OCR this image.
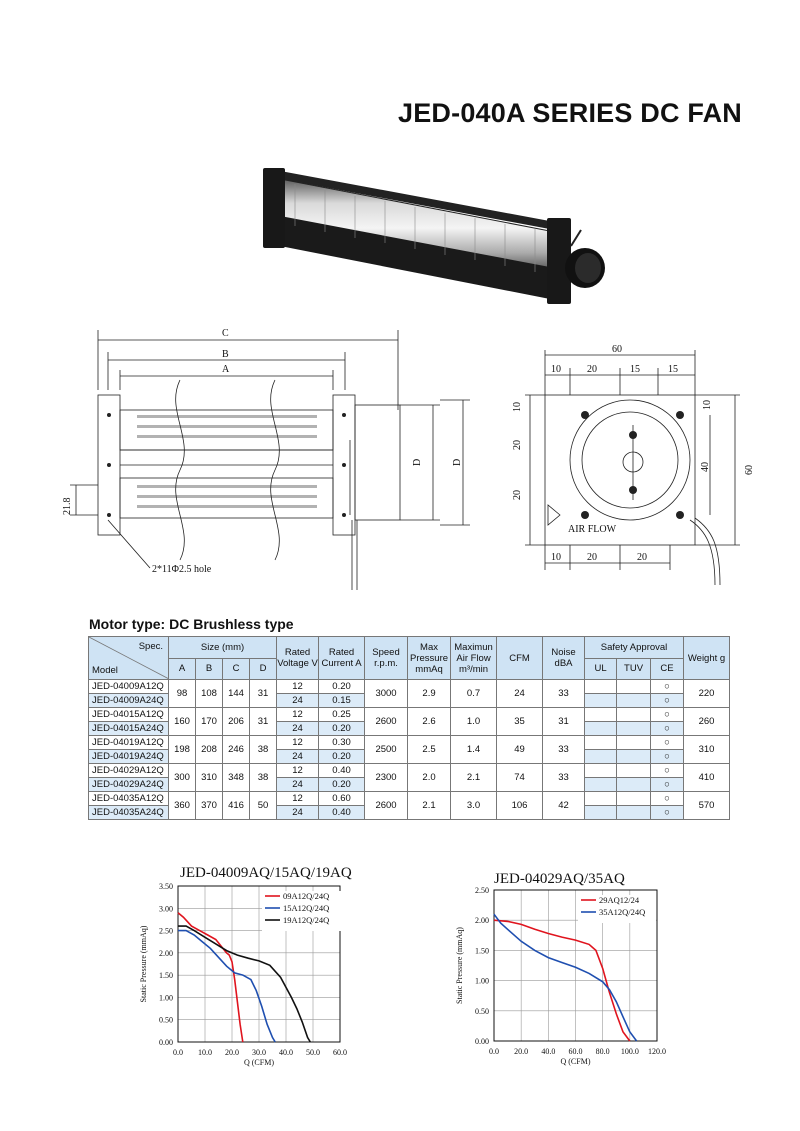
JED-040A SERIES DC FAN
C
B
A
D	D
21.8
2*11Φ2.5 hole
60
10	20	15	15
10
20
20
10
40	60
AIR FLOW
10	20	20
Motor type: DC Brushless type
Spec.
Model	Size (mm)				Rated Voltage V	Rated Current A	Speed r.p.m.	Max Pressure mmAq	Maximun Air Flow m³/min	CFM	Noise dBA	Safety Approval			Weight g
	A	B	C	D								UL	TUV	CE	
JED-04009A12Q	98	108	144	31	12	0.20	3000	2.9	0.7	24	33			○	220
JED-04009A24Q					24	0.15								○	
JED-04015A12Q	160	170	206	31	12	0.25	2600	2.6	1.0	35	31			○	260
JED-04015A24Q					24	0.20								○	
JED-04019A12Q	198	208	246	38	12	0.30	2500	2.5	1.4	49	33			○	310
JED-04019A24Q					24	0.20								○	
JED-04029A12Q	300	310	348	38	12	0.40	2300	2.0	2.1	74	33			○	410
JED-04029A24Q					24	0.20								○	
JED-04035A12Q	360	370	416	50	12	0.60	2600	2.1	3.0	106	42			○	570
JED-04035A24Q					24	0.40								○	
JED-04009AQ/15AQ/19AQ
0.0 10.0 20.0 30.0 40.0 50.0 60.0
0.00
0.50
1.00
1.50
2.00
2.50
3.00
3.50
Q (CFM)
Static Pressure (mmAq)
09A12Q/24Q
15A12Q/24Q
19A12Q/24Q
JED-04029AQ/35AQ
0.0 20.0 40.0 60.0 80.0 100.0 120.0
0.00
0.50
1.00
1.50
2.00
2.50
Q (CFM)
Static Pressure (mmAq)
29AQ12/24
35A12Q/24Q
